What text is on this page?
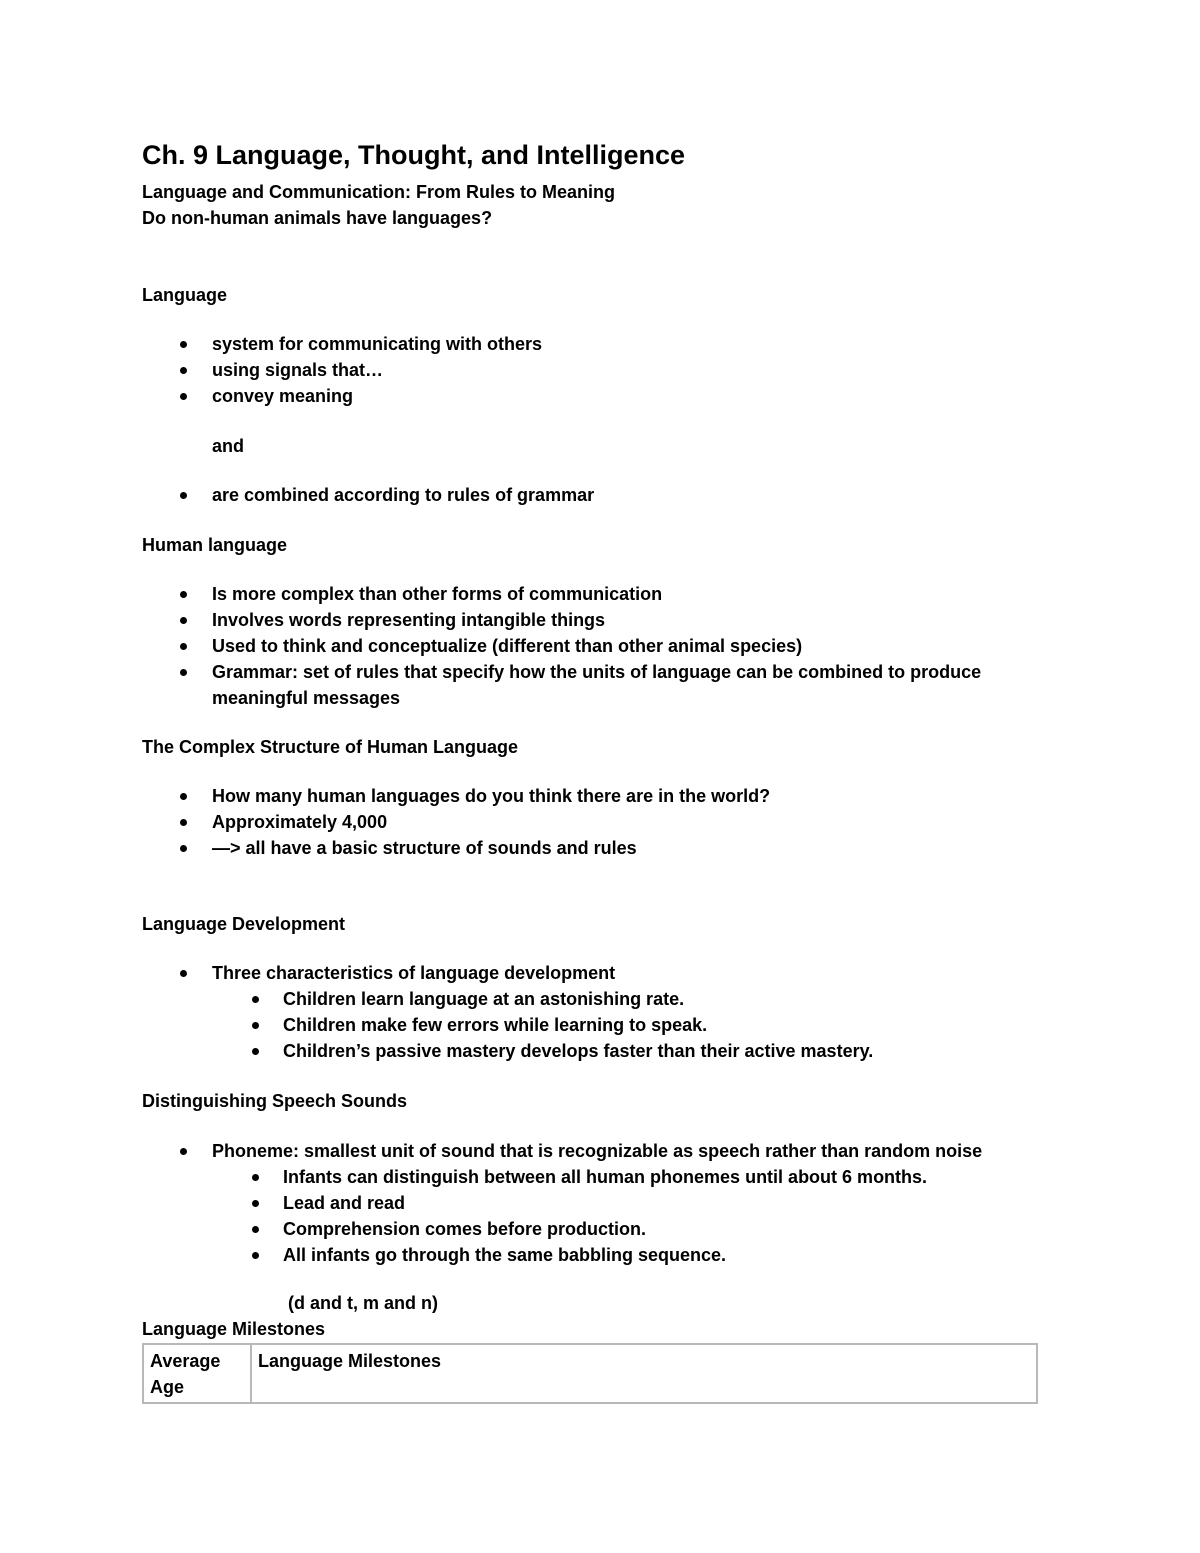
Ch. 9 Language, Thought, and Intelligence
Language and Communication: From Rules to Meaning
Do non-human animals have languages?
Language
system for communicating with others
using signals that…
convey meaning
and
are combined according to rules of grammar
Human language
Is more complex than other forms of communication
Involves words representing intangible things
Used to think and conceptualize (different than other animal species)
Grammar: set of rules that specify how the units of language can be combined to produce meaningful messages
The Complex Structure of Human Language
How many human languages do you think there are in the world?
Approximately 4,000
—> all have a basic structure of sounds and rules
Language Development
Three characteristics of language development
Children learn language at an astonishing rate.
Children make few errors while learning to speak.
Children’s passive mastery develops faster than their active mastery.
Distinguishing Speech Sounds
Phoneme: smallest unit of sound that is recognizable as speech rather than random noise
Infants can distinguish between all human phonemes until about 6 months.
Lead and read
Comprehension comes before production.
All infants go through the same babbling sequence.
(d and t, m and n)
Language Milestones
Average Age	Language Milestones
